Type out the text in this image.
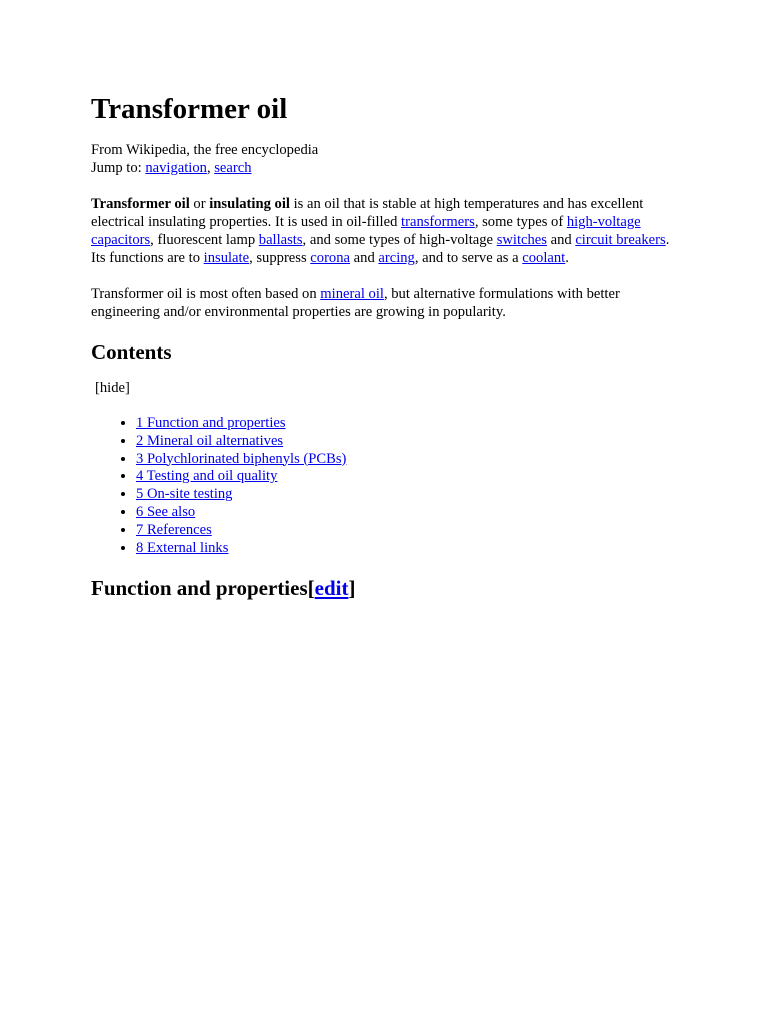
Transformer oil
From Wikipedia, the free encyclopedia
Jump to: navigation, search

Transformer oil or insulating oil is an oil that is stable at high temperatures and has excellent electrical insulating properties. It is used in oil-filled transformers, some types of high-voltage capacitors, fluorescent lamp ballasts, and some types of high-voltage switches and circuit breakers. Its functions are to insulate, suppress corona and arcing, and to serve as a coolant.

Transformer oil is most often based on mineral oil, but alternative formulations with better engineering and/or environmental properties are growing in popularity.

Contents
[hide]
• 1 Function and properties
• 2 Mineral oil alternatives
• 3 Polychlorinated biphenyls (PCBs)
• 4 Testing and oil quality
• 5 On-site testing
• 6 See also
• 7 References
• 8 External links
Function and properties[edit]
